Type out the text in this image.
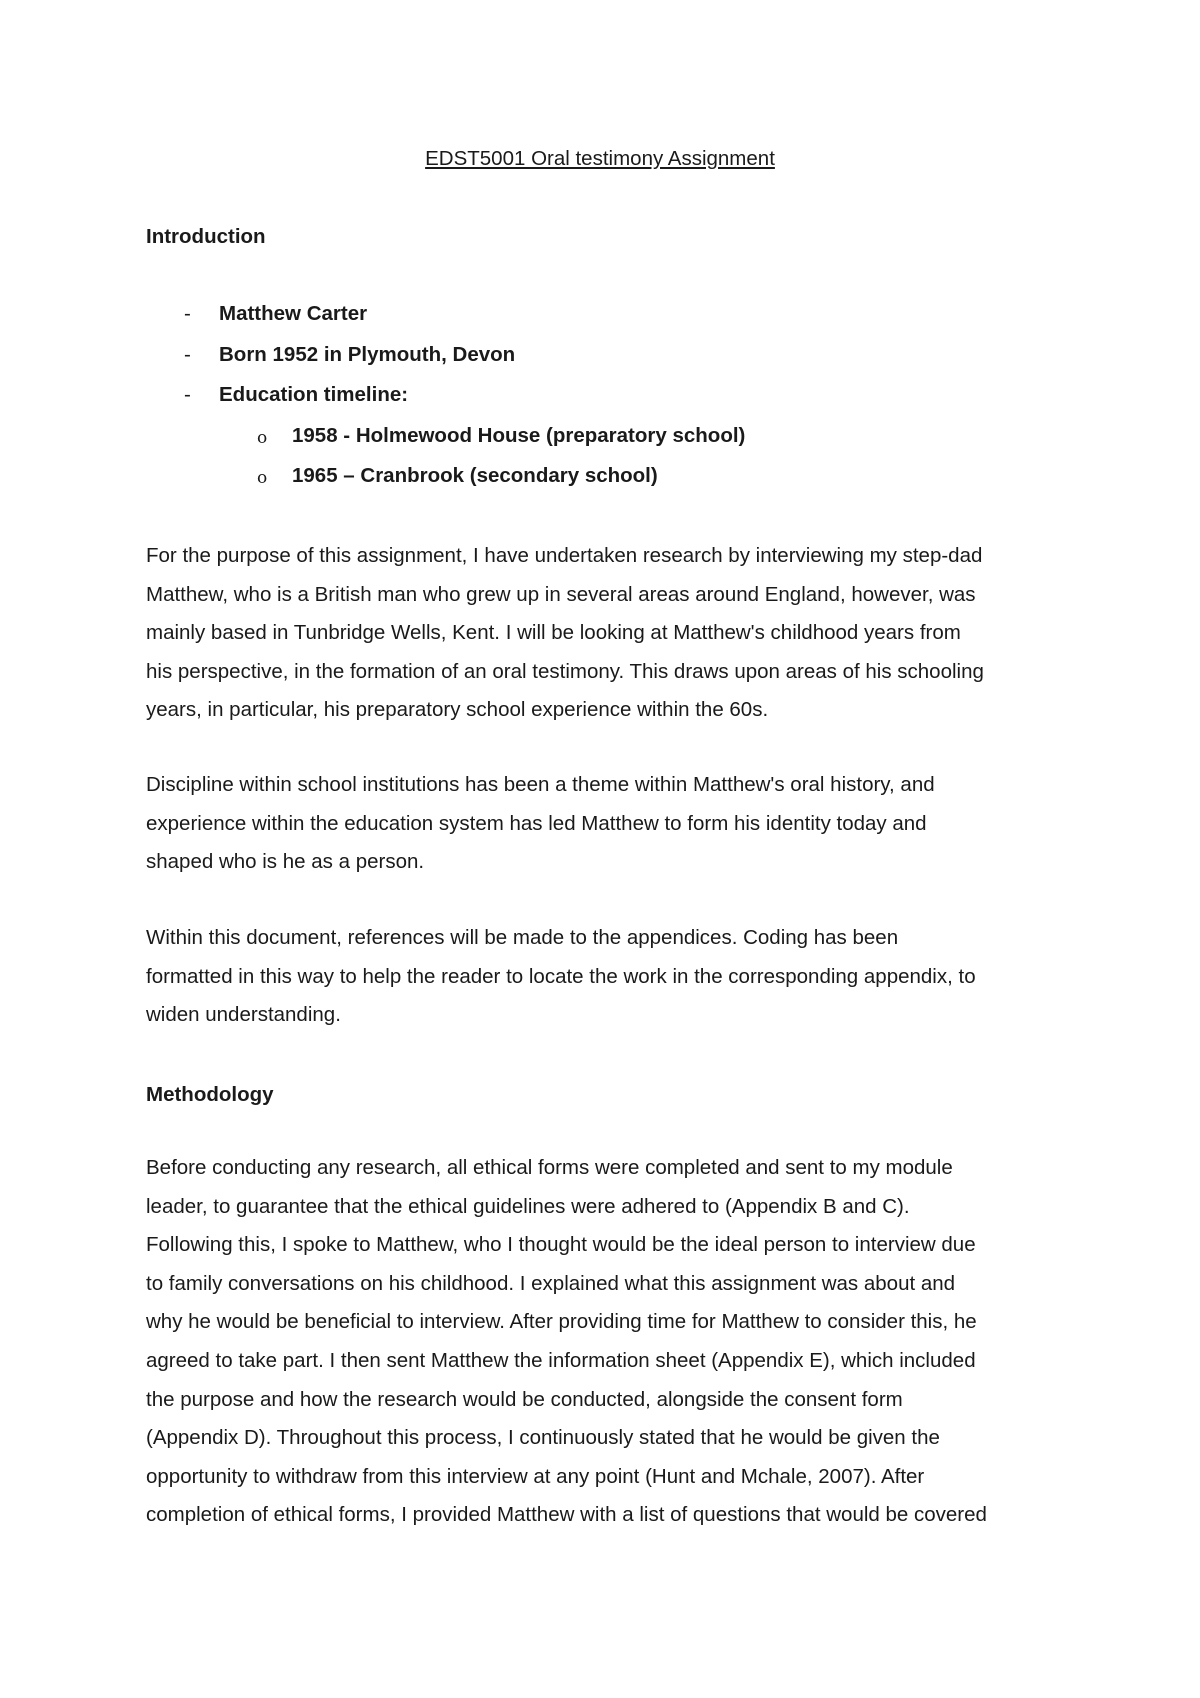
EDST5001 Oral testimony Assignment
Introduction
- Matthew Carter
- Born 1952 in Plymouth, Devon
- Education timeline:
o 1958 - Holmewood House (preparatory school)
o 1965 – Cranbrook (secondary school)

For the purpose of this assignment, I have undertaken research by interviewing my step-dad
Matthew, who is a British man who grew up in several areas around England, however, was
mainly based in Tunbridge Wells, Kent. I will be looking at Matthew's childhood years from
his perspective, in the formation of an oral testimony. This draws upon areas of his schooling
years, in particular, his preparatory school experience within the 60s.

Discipline within school institutions has been a theme within Matthew's oral history, and
experience within the education system has led Matthew to form his identity today and
shaped who is he as a person.

Within this document, references will be made to the appendices. Coding has been
formatted in this way to help the reader to locate the work in the corresponding appendix, to
widen understanding.

Methodology

Before conducting any research, all ethical forms were completed and sent to my module
leader, to guarantee that the ethical guidelines were adhered to (Appendix B and C).
Following this, I spoke to Matthew, who I thought would be the ideal person to interview due
to family conversations on his childhood. I explained what this assignment was about and
why he would be beneficial to interview. After providing time for Matthew to consider this, he
agreed to take part. I then sent Matthew the information sheet (Appendix E), which included
the purpose and how the research would be conducted, alongside the consent form
(Appendix D). Throughout this process, I continuously stated that he would be given the
opportunity to withdraw from this interview at any point (Hunt and Mchale, 2007). After
completion of ethical forms, I provided Matthew with a list of questions that would be covered
